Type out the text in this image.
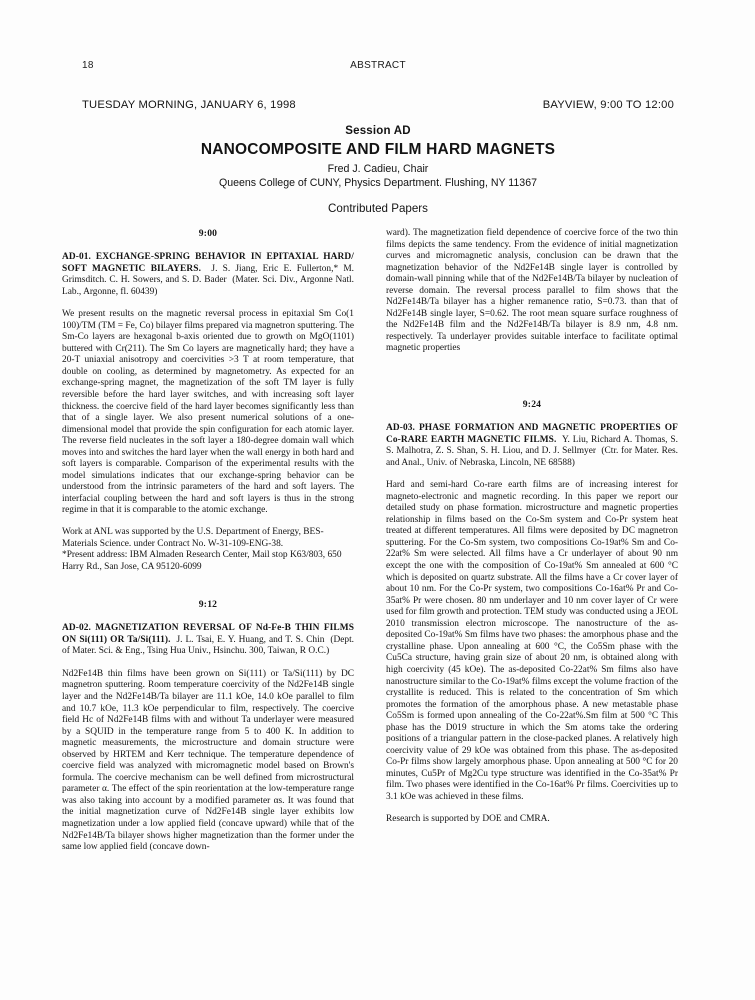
18	ABSTRACT
TUESDAY MORNING, JANUARY 6, 1998	BAYVIEW, 9:00 TO 12:00
Session AD
NANOCOMPOSITE AND FILM HARD MAGNETS
Fred J. Cadieu, Chair
Queens College of CUNY, Physics Department. Flushing, NY 11367
Contributed Papers
9:00
AD-01. EXCHANGE-SPRING BEHAVIOR IN EPITAXIAL HARD/ SOFT MAGNETIC BILAYERS. J. S. Jiang, Eric E. Fullerton,* M. Grimsditch. C. H. Sowers, and S. D. Bader (Mater. Sci. Div., Argonne Natl. Lab., Argonne, fl. 60439)

We present results on the magnetic reversal process in epitaxial Sm Co(1 100)/TM (TM = Fe, Co) bilayer films prepared via magnetron sputtering. The Sm-Co layers are hexagonal b-axis oriented due to growth on MgO(1101) buttered with Cr(211). The Sm Co layers are magnetically hard; they have a 20-T uniaxial anisotropy and coercivities >3 T at room temperature, that double on cooling, as determined by magnetometry. As expected for an exchange-spring magnet, the magnetization of the soft TM layer is fully reversible before the hard layer switches, and with increasing soft layer thickness. the coercive field of the hard layer becomes significantly less than that of a single layer. We also present numerical solutions of a one-dimensional model that provide the spin configuration for each atomic layer. The reverse field nucleates in the soft layer a 180-degree domain wall which moves into and switches the hard layer when the wall energy in both hard and soft layers is comparable. Comparison of the experimental results with the model simulations indicates that our exchange-spring behavior can be understood from the intrinsic parameters of the hard and soft layers. The interfacial coupling between the hard and soft layers is thus in the strong regime in that it is comparable to the atomic exchange.

Work at ANL was supported by the U.S. Department of Energy, BES-Materials Science. under Contract No. W-31-109-ENG-38.

*Present address: IBM Almaden Research Center, Mail stop K63/803, 650 Harry Rd., San Jose, CA 95120-6099

9:12
AD-02. MAGNETIZATION REVERSAL OF Nd-Fe-B THIN FILMS ON Si(111) OR Ta/Si(111). J. L. Tsai, E. Y. Huang, and T. S. Chin (Dept. of Mater. Sci. & Eng., Tsing Hua Univ., Hsinchu. 300, Taiwan, R O.C.)

Nd2Fe14B thin films have been grown on Si(111) or Ta/Si(111) by DC magnetron sputtering. Room temperature coercivity of the Nd2Fe14B single layer and the Nd2Fe14B/Ta bilayer are 11.1 kOe, 14.0 kOe parallel to film and 10.7 kOe, 11.3 kOe perpendicular to film, respectively. The coercive field Hc of Nd2Fe14B films with and without Ta underlayer were measured by a SQUID in the temperature range from 5 to 400 K. In addition to magnetic measurements, the microstructure and domain structure were observed by HRTEM and Kerr technique. The temperature dependence of coercive field was analyzed with micromagnetic model based on Brown's formula. The coercive mechanism can be well defined from microstructural parameter α. The effect of the spin reorientation at the low-temperature range was also taking into account by a modified parameter αs. It was found that the initial magnetization curve of Nd2Fe14B single layer exhibits low magnetization under a low applied field (concave upward) while that of the Nd2Fe14B/Ta bilayer shows higher magnetization than the former under the same low applied field (concave down-

ward). The magnetization field dependence of coercive force of the two thin films depicts the same tendency. From the evidence of initial magnetization curves and micromagnetic analysis, conclusion can be drawn that the magnetization behavior of the Nd2Fe14B single layer is controlled by domain-wall pinning while that of the Nd2Fe14B/Ta bilayer by nucleation of reverse domain. The reversal process parallel to film shows that the Nd2Fe14B/Ta bilayer has a higher remanence ratio, S=0.73. than that of Nd2Fe14B single layer, S=0.62. The root mean square surface roughness of the Nd2Fe14B film and the Nd2Fe14B/Ta bilayer is 8.9 nm, 4.8 nm. respectively. Ta underlayer provides suitable interface to facilitate optimal magnetic properties

9:24
AD-03. PHASE FORMATION AND MAGNETIC PROPERTIES OF Co-RARE EARTH MAGNETIC FILMS. Y. Liu, Richard A. Thomas, S. S. Malhotra, Z. S. Shan, S. H. Liou, and D. J. Sellmyer (Ctr. for Mater. Res. and Anal., Univ. of Nebraska, Lincoln, NE 68588)

Hard and semi-hard Co-rare earth films are of increasing interest for magneto-electronic and magnetic recording. In this paper we report our detailed study on phase formation. microstructure and magnetic properties relationship in films based on the Co-Sm system and Co-Pr system heat treated at different temperatures. All films were deposited by DC magnetron sputtering. For the Co-Sm system, two compositions Co-19at% Sm and Co-22at% Sm were selected. All films have a Cr underlayer of about 90 nm except the one with the composition of Co-19at% Sm annealed at 600 °C which is deposited on quartz substrate. All the films have a Cr cover layer of about 10 nm. For the Co-Pr system, two compositions Co-16at% Pr and Co-35at% Pr were chosen. 80 nm underlayer and 10 nm cover layer of Cr were used for film growth and protection. TEM study was conducted using a JEOL 2010 transmission electron microscope. The nanostructure of the as-deposited Co-19at% Sm films have two phases: the amorphous phase and the crystalline phase. Upon annealing at 600 °C, the Co5Sm phase with the Cu5Ca structure, having grain size of about 20 nm, is obtained along with high coercivity (45 kOe). The as-deposited Co-22at% Sm films also have nanostructure similar to the Co-19at% films except the volume fraction of the crystallite is reduced. This is related to the concentration of Sm which promotes the formation of the amorphous phase. A new metastable phase Co5Sm is formed upon annealing of the Co-22at%.Sm film at 500 °C This phase has the D019 structure in which the Sm atoms take the ordering positions of a triangular pattern in the close-packed planes. A relatively high coercivity value of 29 kOe was obtained from this phase. The as-deposited Co-Pr films show largely amorphous phase. Upon annealing at 500 °C for 20 minutes, Cu5Pr of Mg2Cu type structure was identified in the Co-35at% Pr film. Two phases were identified in the Co-16at% Pr films. Coercivities up to 3.1 kOe was achieved in these films.

Research is supported by DOE and CMRA.
